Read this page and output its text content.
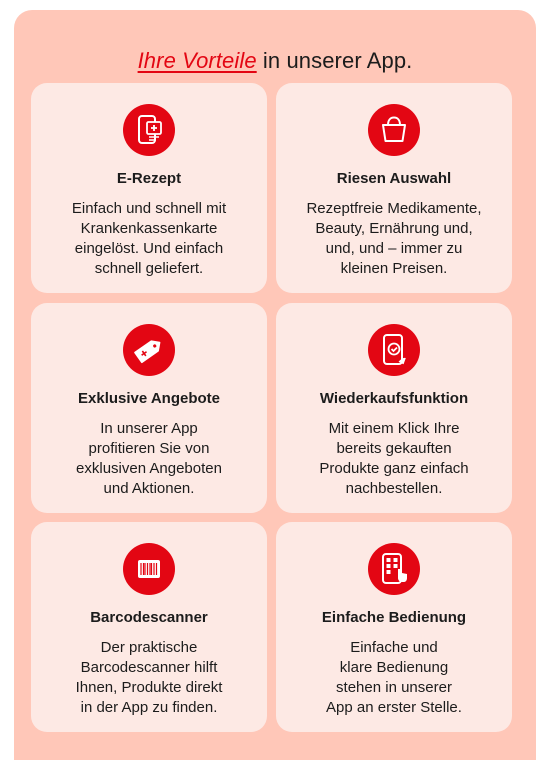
Ihre Vorteile in unserer App.
E-Rezept
Einfach und schnell mit
Krankenkassenkarte
eingelöst. Und einfach
schnell geliefert.
Riesen Auswahl
Rezeptfreie Medikamente,
Beauty, Ernährung und,
und, und – immer zu
kleinen Preisen.
Exklusive Angebote
In unserer App
profitieren Sie von
exklusiven Angeboten
und Aktionen.
Wiederkaufsfunktion
Mit einem Klick Ihre
bereits gekauften
Produkte ganz einfach
nachbestellen.
Barcodescanner
Der praktische
Barcodescanner hilft
Ihnen, Produkte direkt
in der App zu finden.
Einfache Bedienung
Einfache und
klare Bedienung
stehen in unserer
App an erster Stelle.
